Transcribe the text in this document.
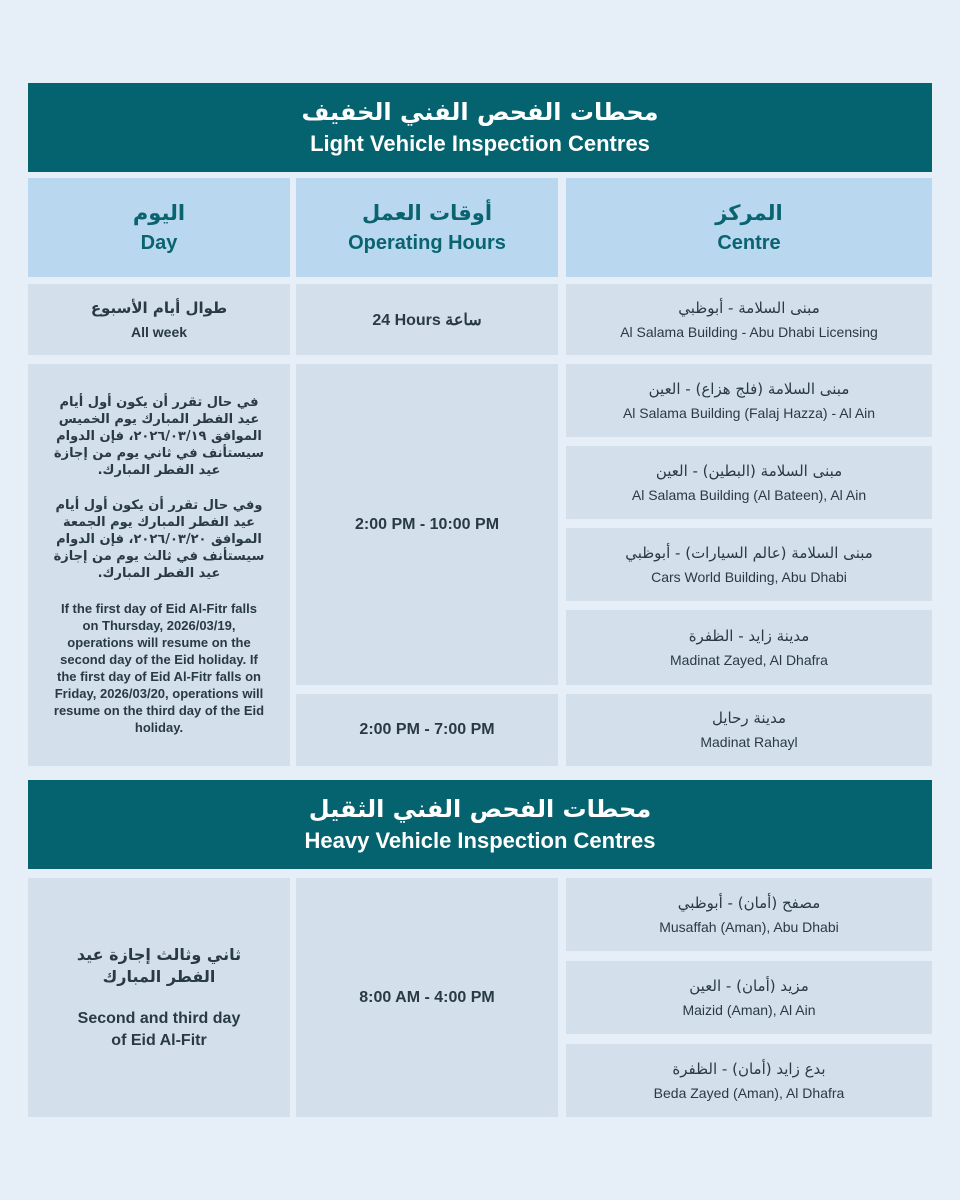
محطات الفحص الفني الخفيف
Light Vehicle Inspection Centres
اليوم
Day
أوقات العمل
Operating Hours
المركز
Centre
طوال أيام الأسبوع
All week
24 Hours ساعة
مبنى السلامة - أبوظبي
Al Salama Building - Abu Dhabi Licensing

في حال تقرر أن يكون أول أيام عيد الفطر المبارك يوم الخميس الموافق ٢٠٢٦/٠٣/١٩، فإن الدوام سيستأنف في ثاني يوم من إجازة عيد الفطر المبارك.

وفي حال تقرر أن يكون أول أيام عيد الفطر المبارك يوم الجمعة الموافق ٢٠٢٦/٠٣/٢٠، فإن الدوام سيستأنف في ثالث يوم من إجازة عيد الفطر المبارك.

If the first day of Eid Al-Fitr falls on Thursday, 2026/03/19, operations will resume on the second day of the Eid holiday. If the first day of Eid Al-Fitr falls on Friday, 2026/03/20, operations will resume on the third day of the Eid holiday.

2:00 PM - 10:00 PM
2:00 PM - 7:00 PM
مبنى السلامة (فلج هزاع) - العين
Al Salama Building (Falaj Hazza) - Al Ain
مبنى السلامة (البطين) - العين
Al Salama Building (Al Bateen), Al Ain
مبنى السلامة (عالم السيارات) - أبوظبي
Cars World Building, Abu Dhabi
مدينة زايد - الظفرة
Madinat Zayed, Al Dhafra
مدينة رحايل
Madinat Rahayl
محطات الفحص الفني الثقيل
Heavy Vehicle Inspection Centres
ثاني وثالث إجازة عيد الفطر المبارك
Second and third day of Eid Al-Fitr
8:00 AM - 4:00 PM
مصفح (أمان) - أبوظبي
Musaffah (Aman), Abu Dhabi
مزيد (أمان) - العين
Maizid (Aman), Al Ain
بدع زايد (أمان) - الظفرة
Beda Zayed (Aman), Al Dhafra
